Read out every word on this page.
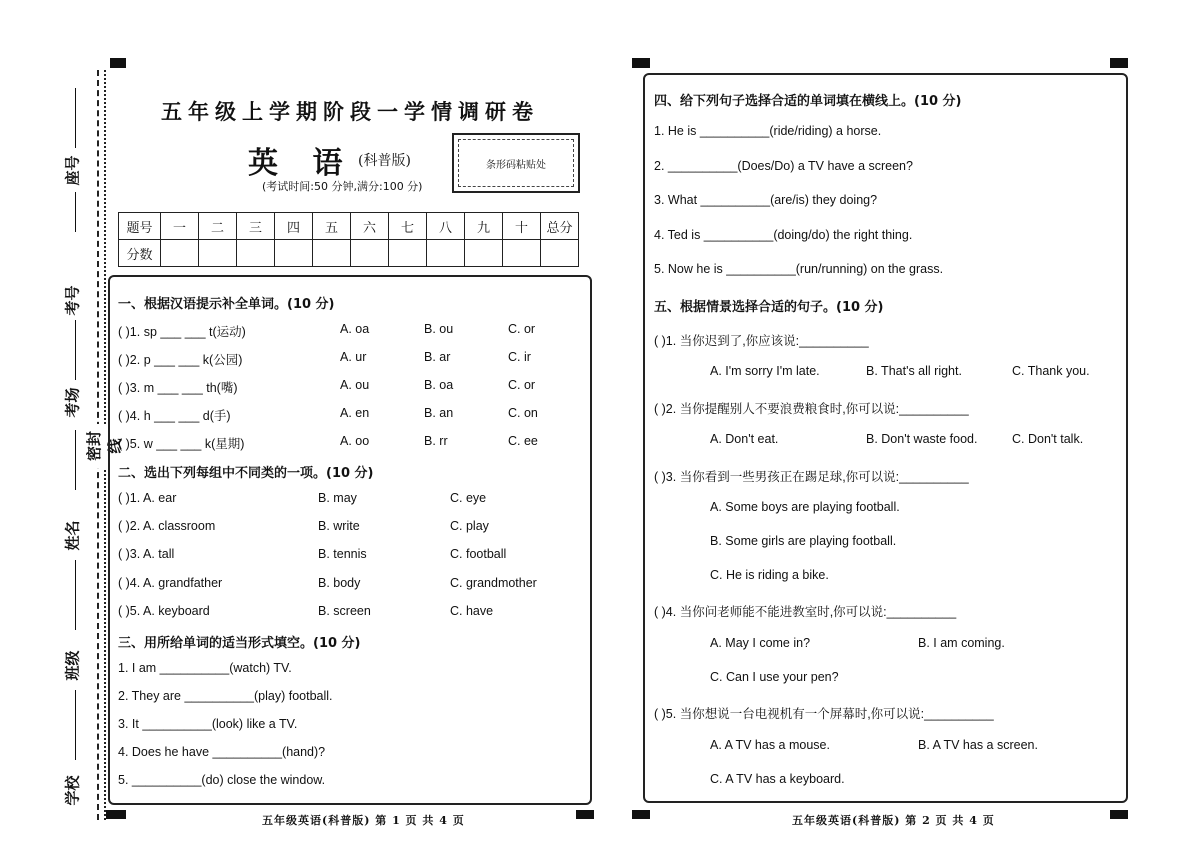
座号
考号
考场
姓名
班级
学校
密封线
五年级上学期阶段一学情调研卷
英 语 (科普版)
(考试时间:50 分钟,满分:100 分)
条形码粘贴处
题号	一	二	三	四	五	六	七	八	九	十	总分
分数											
一、根据汉语提示补全单词。(10 分)
( )1. sp ___ ___ t(运动)	A. oa	B. ou	C. or
( )2. p ___ ___ k(公园)	A. ur	B. ar	C. ir
( )3. m ___ ___ th(嘴)	A. ou	B. oa	C. or
( )4. h ___ ___ d(手)	A. en	B. an	C. on
( )5. w ___ ___ k(星期)	A. oo	B. rr	C. ee
二、选出下列每组中不同类的一项。(10 分)
( )1. A. ear	B. may	C. eye
( )2. A. classroom	B. write	C. play
( )3. A. tall	B. tennis	C. football
( )4. A. grandfather	B. body	C. grandmother
( )5. A. keyboard	B. screen	C. have
三、用所给单词的适当形式填空。(10 分)
1. I am __________(watch) TV.
2. They are __________(play) football.
3. It __________(look) like a TV.
4. Does he have __________(hand)?
5. __________(do) close the window.
五年级英语(科普版) 第 1 页 共 4 页
四、给下列句子选择合适的单词填在横线上。(10 分)
1. He is __________(ride/riding) a horse.
2. __________(Does/Do) a TV have a screen?
3. What __________(are/is) they doing?
4. Ted is __________(doing/do) the right thing.
5. Now he is __________(run/running) on the grass.
五、根据情景选择合适的句子。(10 分)
( )1. 当你迟到了,你应该说:__________
A. I'm sorry I'm late.	B. That's all right.	C. Thank you.
( )2. 当你提醒别人不要浪费粮食时,你可以说:__________
A. Don't eat.	B. Don't waste food.	C. Don't talk.
( )3. 当你看到一些男孩正在踢足球,你可以说:__________
A. Some boys are playing football.
B. Some girls are playing football.
C. He is riding a bike.
( )4. 当你问老师能不能进教室时,你可以说:__________
A. May I come in?	B. I am coming.
C. Can I use your pen?
( )5. 当你想说一台电视机有一个屏幕时,你可以说:__________
A. A TV has a mouse.	B. A TV has a screen.
C. A TV has a keyboard.
五年级英语(科普版) 第 2 页 共 4 页
